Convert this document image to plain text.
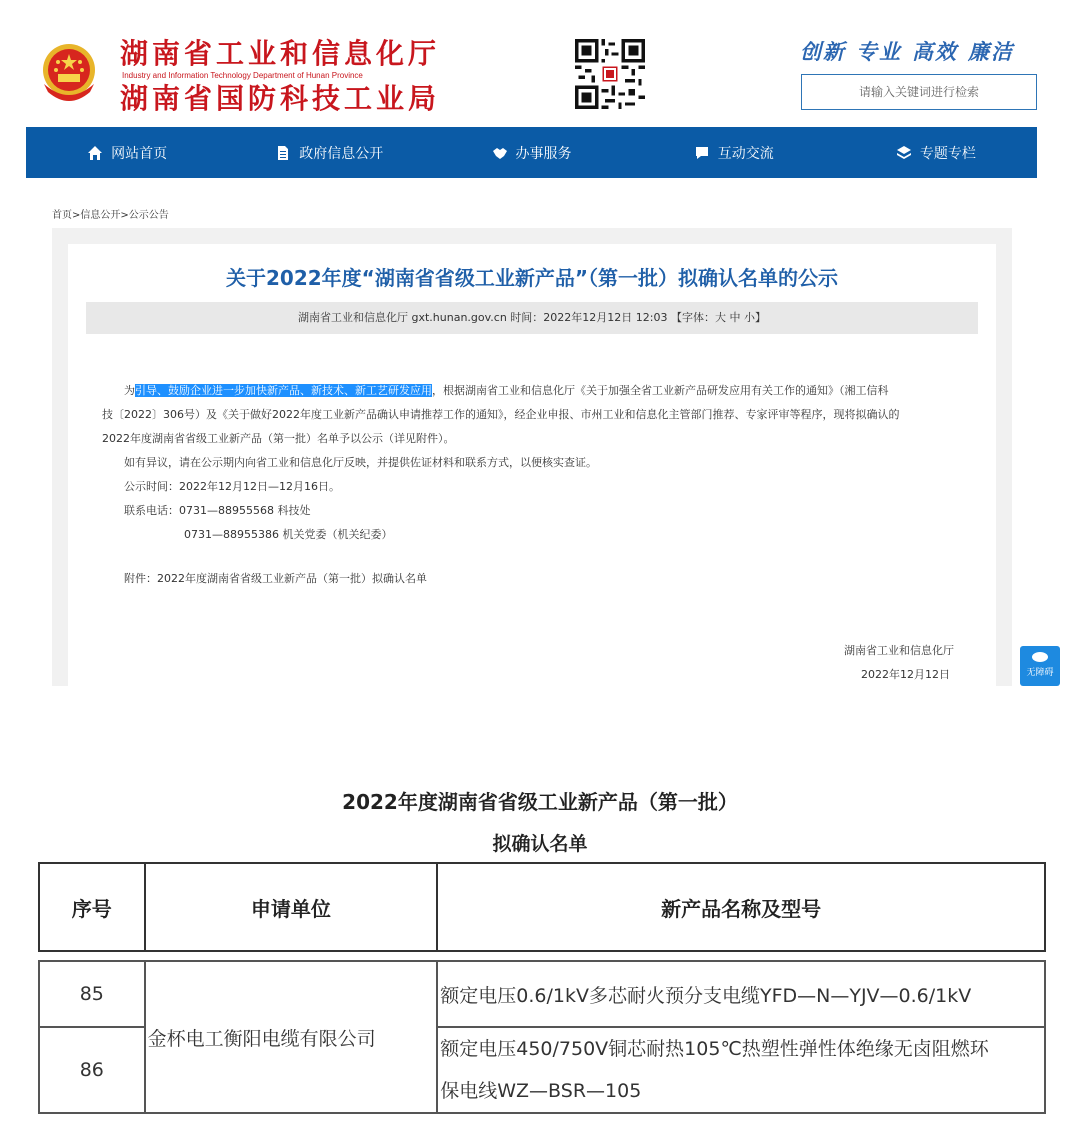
湖南省工业和信息化厅
Industry and Information Technology Department of Hunan Province
湖南省国防科技工业局
创新 专业 高效 廉洁
请输入关键词进行检索
网站首页	政府信息公开	办事服务	互动交流	专题专栏
首页>信息公开>公示公告
关于2022年度“湖南省省级工业新产品”（第一批）拟确认名单的公示
湖南省工业和信息化厅 gxt.hunan.gov.cn 时间：2022年12月12日 12:03 【字体：大 中 小】
为引导、鼓励企业进一步加快新产品、新技术、新工艺研发应用，根据湖南省工业和信息化厅《关于加强全省工业新产品研发应用有关工作的通知》（湘工信科
技〔2022〕306号）及《关于做好2022年度工业新产品确认申请推荐工作的通知》，经企业申报、市州工业和信息化主管部门推荐、专家评审等程序，现将拟确认的
2022年度湖南省省级工业新产品（第一批）名单予以公示（详见附件）。
如有异议，请在公示期内向省工业和信息化厅反映，并提供佐证材料和联系方式，以便核实查证。
公示时间：2022年12月12日—12月16日。
联系电话：0731—88955568 科技处
0731—88955386 机关党委（机关纪委）
附件：2022年度湖南省省级工业新产品（第一批）拟确认名单
湖南省工业和信息化厅
2022年12月12日	无障碍
2022年度湖南省省级工业新产品（第一批）
拟确认名单
序号	申请单位	新产品名称及型号

85	金杯电工衡阳电缆有限公司	额定电压0.6/1kV多芯耐火预分支电缆YFD—N—YJV—0.6/1kV
86		额定电压450/750V铜芯耐热105℃热塑性弹性体绝缘无卤阻燃环
保电线WZ—BSR—105
